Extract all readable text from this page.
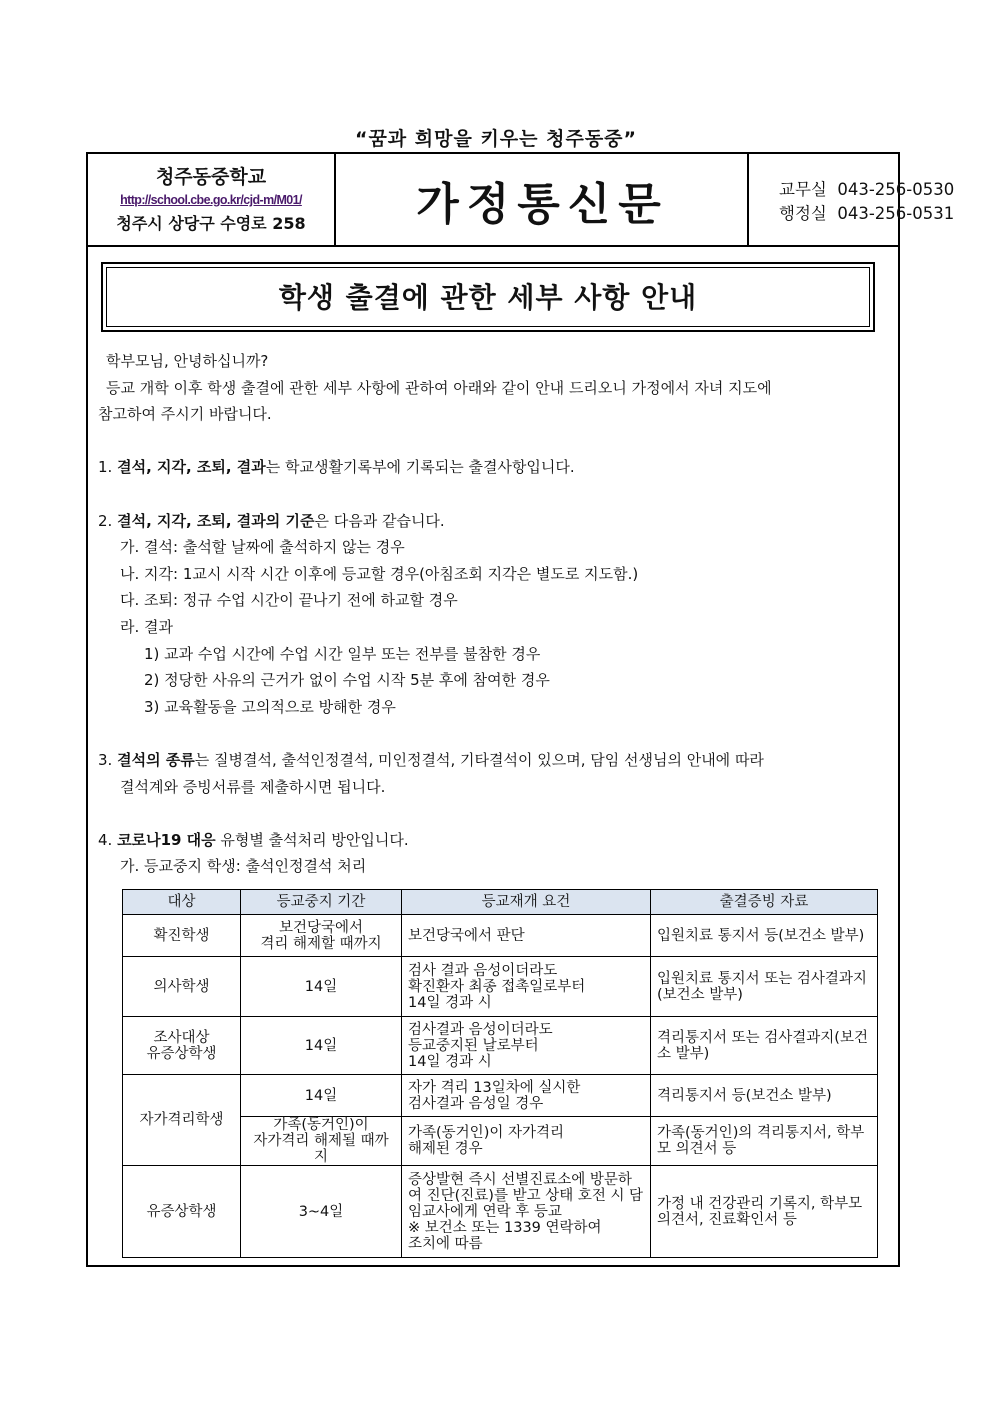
“꿈과 희망을 키우는 청주동중”
청주동중학교
http://school.cbe.go.kr/cjd-m/M01/
청주시 상당구 수영로 258	가정통신문	교무실 043-256-0530
행정실 043-256-0531
학생 출결에 관한 세부 사항 안내

학부모님, 안녕하십니까?

등교 개학 이후 학생 출결에 관한 세부 사항에 관하여 아래와 같이 안내 드리오니 가정에서 자녀 지도에

참고하여 주시기 바랍니다.

1. 결석, 지각, 조퇴, 결과는 학교생활기록부에 기록되는 출결사항입니다.

2. 결석, 지각, 조퇴, 결과의 기준은 다음과 같습니다.

가. 결석: 출석할 날짜에 출석하지 않는 경우

나. 지각: 1교시 시작 시간 이후에 등교할 경우(아침조회 지각은 별도로 지도함.)

다. 조퇴: 정규 수업 시간이 끝나기 전에 하교할 경우

라. 결과

1) 교과 수업 시간에 수업 시간 일부 또는 전부를 불참한 경우

2) 정당한 사유의 근거가 없이 수업 시작 5분 후에 참여한 경우

3) 교육활동을 고의적으로 방해한 경우

3. 결석의 종류는 질병결석, 출석인정결석, 미인정결석, 기타결석이 있으며, 담임 선생님의 안내에 따라

결석계와 증빙서류를 제출하시면 됩니다.

4. 코로나19 대응 유형별 출석처리 방안입니다.

가. 등교중지 학생: 출석인정결석 처리

대상	등교중지 기간	등교재개 요건	출결증빙 자료
확진학생	보건당국에서
격리 해제할 때까지	보건당국에서 판단	입원치료 통지서 등(보건소 발부)
의사학생	14일	검사 결과 음성이더라도
확진환자 최종 접촉일로부터
14일 경과 시	입원치료 통지서 또는 검사결과지(보건소 발부)
조사대상
유증상학생	14일	검사결과 음성이더라도
등교중지된 날로부터
14일 경과 시	격리통지서 또는 검사결과지(보건소 발부)
자가격리학생	14일	자가 격리 13일차에 실시한
검사결과 음성일 경우	격리통지서 등(보건소 발부)
	가족(동거인)이
자가격리 해제될 때까지	가족(동거인)이 자가격리
해제된 경우	가족(동거인)의 격리통지서, 학부모 의견서 등
유증상학생	3~4일	증상발현 즉시 선별진료소에 방문하여 진단(진료)를 받고 상태 호전 시 담임교사에게 연락 후 등교
※ 보건소 또는 1339 연락하여
조치에 따름	가정 내 건강관리 기록지, 학부모의견서, 진료확인서 등
